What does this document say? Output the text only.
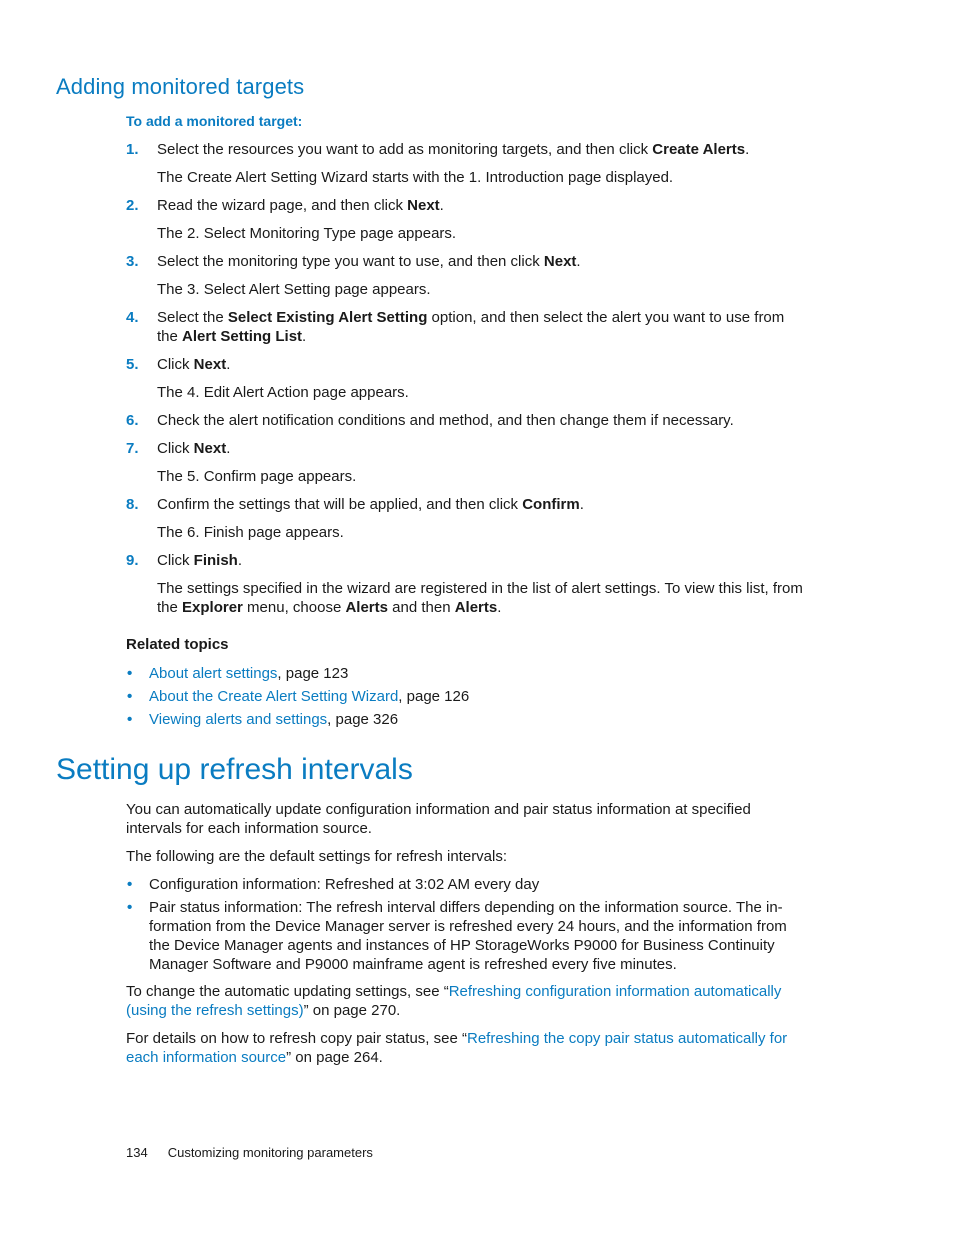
Adding monitored targets
To add a monitored target:
1. Select the resources you want to add as monitoring targets, and then click Create Alerts.
The Create Alert Setting Wizard starts with the 1. Introduction page displayed.
2. Read the wizard page, and then click Next.
The 2. Select Monitoring Type page appears.
3. Select the monitoring type you want to use, and then click Next.
The 3. Select Alert Setting page appears.
4. Select the Select Existing Alert Setting option, and then select the alert you want to use from the Alert Setting List.
5. Click Next.
The 4. Edit Alert Action page appears.
6. Check the alert notification conditions and method, and then change them if necessary.
7. Click Next.
The 5. Confirm page appears.
8. Confirm the settings that will be applied, and then click Confirm.
The 6. Finish page appears.
9. Click Finish.
The settings specified in the wizard are registered in the list of alert settings. To view this list, from the Explorer menu, choose Alerts and then Alerts.
Related topics
• About alert settings, page 123
• About the Create Alert Setting Wizard, page 126
• Viewing alerts and settings, page 326
Setting up refresh intervals

You can automatically update configuration information and pair status information at specified intervals for each information source.

The following are the default settings for refresh intervals:

• Configuration information: Refreshed at 3:02 AM every day
• Pair status information: The refresh interval differs depending on the information source. The in-formation from the Device Manager server is refreshed every 24 hours, and the information from the Device Manager agents and instances of HP StorageWorks P9000 for Business Continuity Manager Software and P9000 mainframe agent is refreshed every five minutes.

To change the automatic updating settings, see “Refreshing configuration information automatically (using the refresh settings)” on page 270.

For details on how to refresh copy pair status, see “Refreshing the copy pair status automatically for each information source” on page 264.

134 Customizing monitoring parameters
